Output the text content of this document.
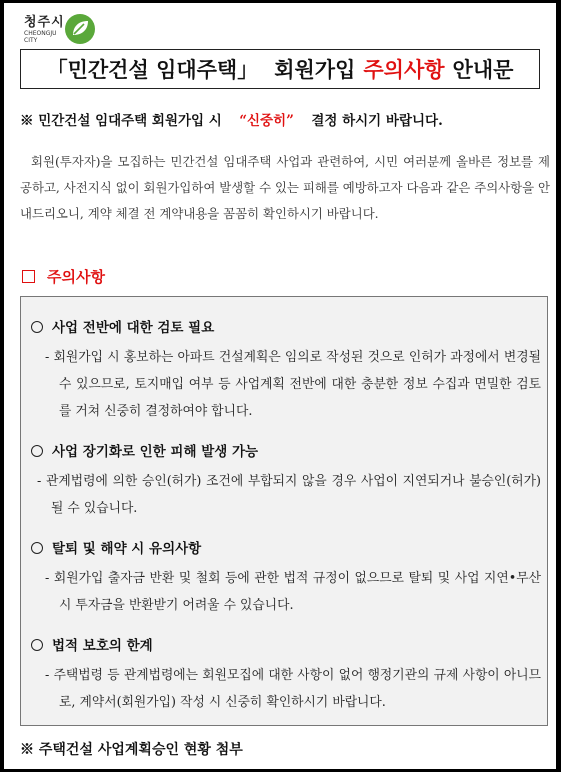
청주시
CHEONGJU
CITY
「민간건설 임대주택」 회원가입 주의사항 안내문
※ 민간건설 임대주택 회원가입 시 “신중히” 결정 하시기 바랍니다.
회원(투자자)을 모집하는 민간건설 임대주택 사업과 관련하여, 시민 여러분께 올바른 정보를 제공하고, 사전지식 없이 회원가입하여 발생할 수 있는 피해를 예방하고자 다음과 같은 주의사항을 안내드리오니, 계약 체결 전 계약내용을 꼼꼼히 확인하시기 바랍니다.
주의사항
사업 전반에 대한 검토 필요
- 회원가입 시 홍보하는 아파트 건설계획은 임의로 작성된 것으로 인허가 과정에서 변경될 수 있으므로, 토지매입 여부 등 사업계획 전반에 대한 충분한 정보 수집과 면밀한 검토를 거쳐 신중히 결정하여야 합니다.
사업 장기화로 인한 피해 발생 가능
- 관계법령에 의한 승인(허가) 조건에 부합되지 않을 경우 사업이 지연되거나 불승인(허가) 될 수 있습니다.
탈퇴 및 해약 시 유의사항
- 회원가입 출자금 반환 및 철회 등에 관한 법적 규정이 없으므로 탈퇴 및 사업 지연•무산 시 투자금을 반환받기 어려울 수 있습니다.
법적 보호의 한계
- 주택법령 등 관계법령에는 회원모집에 대한 사항이 없어 행정기관의 규제 사항이 아니므로, 계약서(회원가입) 작성 시 신중히 확인하시기 바랍니다.
※ 주택건설 사업계획승인 현황 첨부
